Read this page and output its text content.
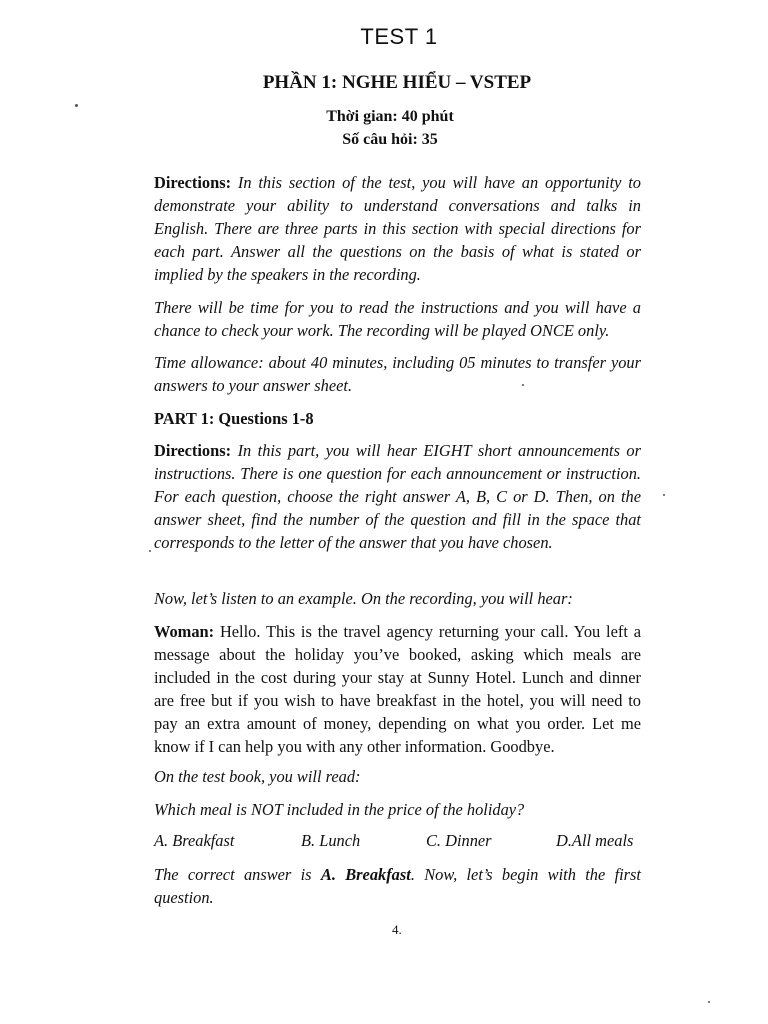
TEST 1
PHẦN 1: NGHE HIỂU – VSTEP
Thời gian: 40 phút
Số câu hỏi: 35

Directions: In this section of the test, you will have an opportunity to demonstrate your ability to understand conversations and talks in English. There are three parts in this section with special directions for each part. Answer all the questions on the basis of what is stated or implied by the speakers in the recording.

There will be time for you to read the instructions and you will have a chance to check your work. The recording will be played ONCE only.

Time allowance: about 40 minutes, including 05 minutes to transfer your answers to your answer sheet.

PART 1: Questions 1-8

Directions: In this part, you will hear EIGHT short announcements or instructions. There is one question for each announcement or instruction. For each question, choose the right answer A, B, C or D. Then, on the answer sheet, find the number of the question and fill in the space that corresponds to the letter of the answer that you have chosen.

Now, let’s listen to an example. On the recording, you will hear:

Woman: Hello. This is the travel agency returning your call. You left a message about the holiday you’ve booked, asking which meals are included in the cost during your stay at Sunny Hotel. Lunch and dinner are free but if you wish to have breakfast in the hotel, you will need to pay an extra amount of money, depending on what you order. Let me know if I can help you with any other information. Goodbye.

On the test book, you will read:

Which meal is NOT included in the price of the holiday?

A. Breakfast	B. Lunch	C. Dinner	D.All meals

The correct answer is A. Breakfast. Now, let’s begin with the first question.

4.
